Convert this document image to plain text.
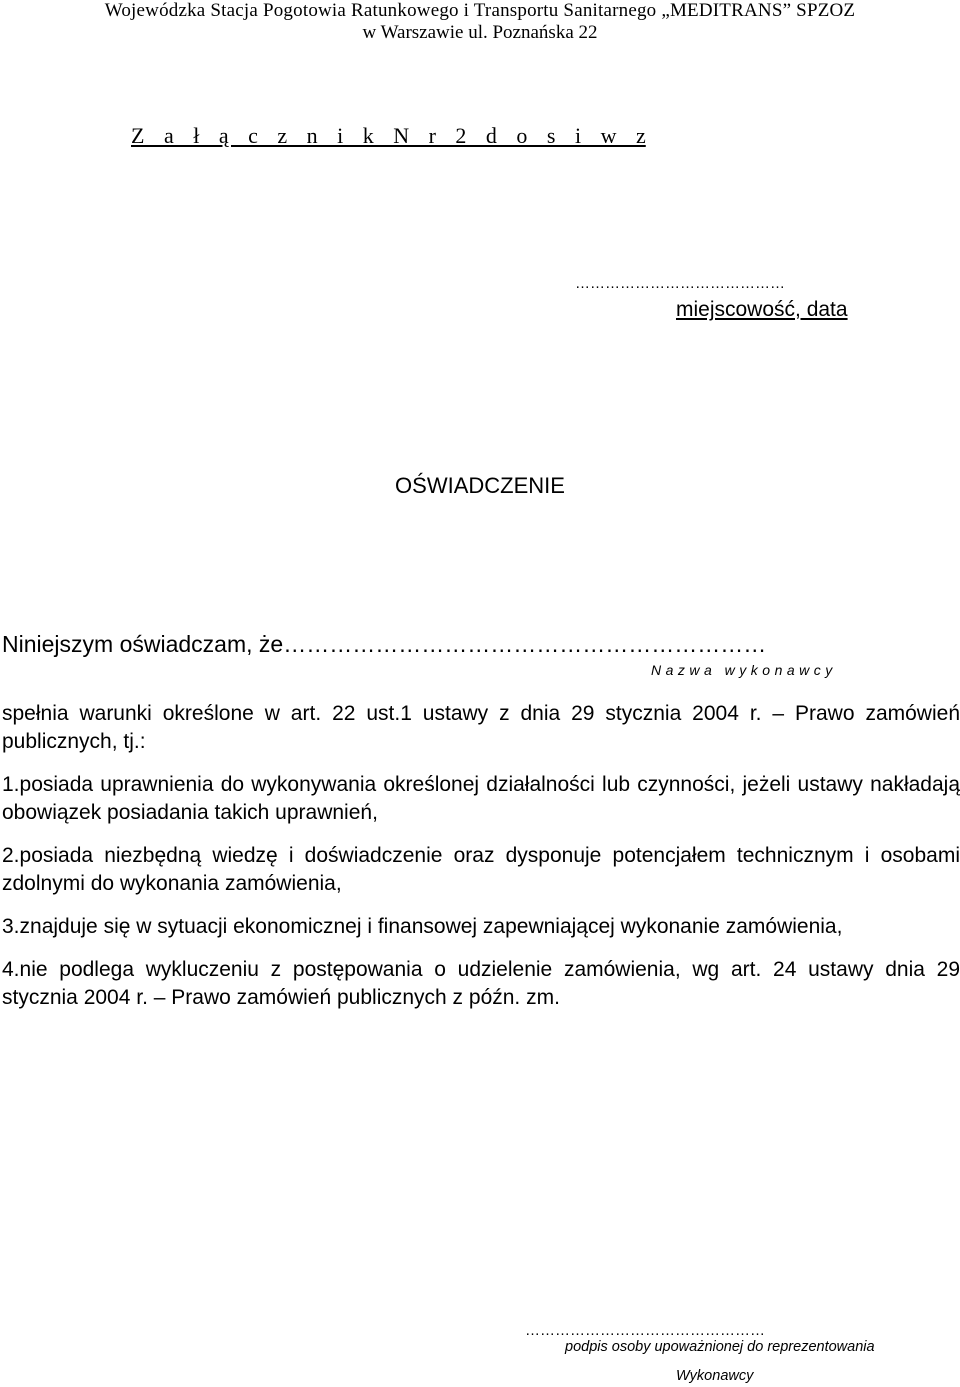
Wojewódzka Stacja Pogotowia Ratunkowego i Transportu Sanitarnego „MEDITRANS” SPZOZ
w Warszawie ul. Poznańska 22
Z a ł ą c z n i k N r 2 d o s i w z
……………………………………
miejscowość, data
OŚWIADCZENIE
Niniejszym oświadczam, że………………………………………………………
Nazwa wykonawcy

spełnia warunki określone w art. 22 ust.1 ustawy z dnia 29 stycznia 2004 r. – Prawo zamówień publicznych, tj.:

1.posiada uprawnienia do wykonywania określonej działalności lub czynności, jeżeli ustawy nakładają obowiązek posiadania takich uprawnień,

2.posiada niezbędną wiedzę i doświadczenie oraz dysponuje potencjałem technicznym i osobami zdolnymi do wykonania zamówienia,

3.znajduje się w sytuacji ekonomicznej i finansowej zapewniającej wykonanie zamówienia,

4.nie podlega wykluczeniu z postępowania o udzielenie zamówienia, wg art. 24 ustawy dnia 29 stycznia 2004 r. – Prawo zamówień publicznych z późn. zm.

…………………………………………
podpis osoby upoważnionej do reprezentowania
Wykonawcy
